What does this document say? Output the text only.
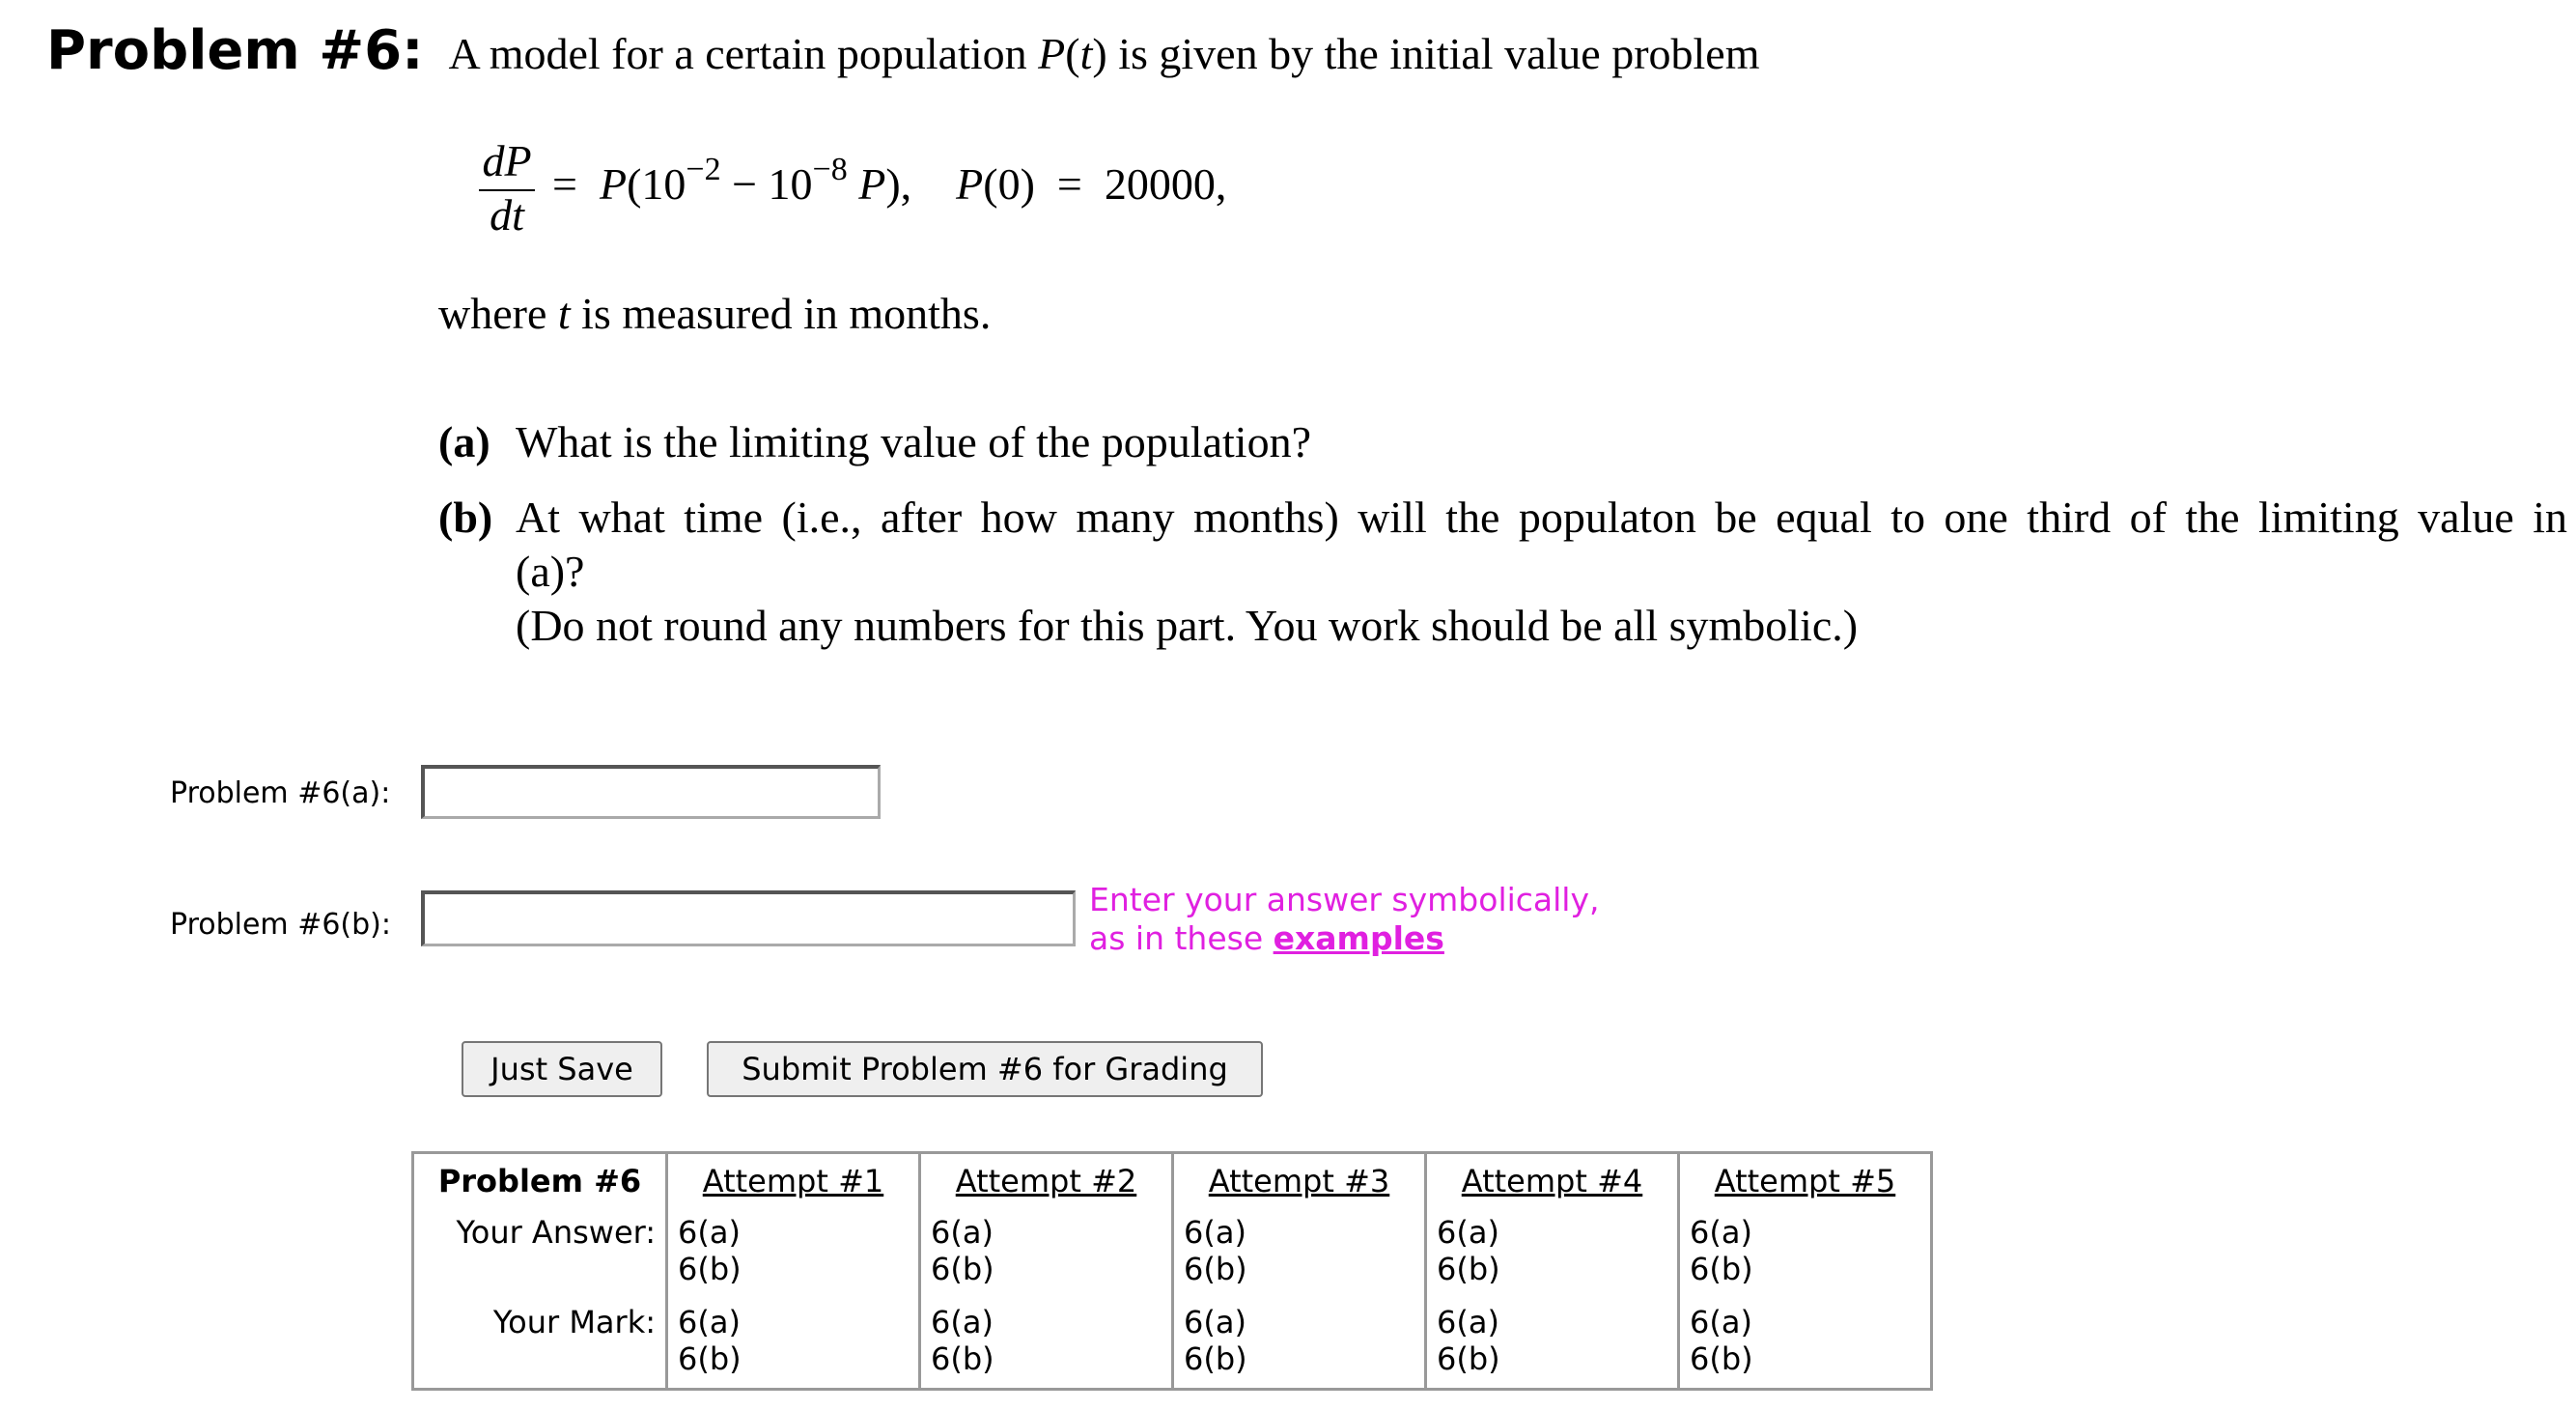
Problem #6: A model for a certain population P(t) is given by the initial value problem
dP
dt
= $P(10^{-2} - 10^{-8}$ P), P(0) = 20000,
where t is measured in months.
(a) What is the limiting value of the population?
(b) At what time (i.e., after how many months) will the populaton be equal to one third of the limiting value in
(a)?
(Do not round any numbers for this part. You work should be all symbolic.)
Problem #6(a):
Problem #6(b):
Enter your answer symbolically,
as in these examples
Just Save	Submit Problem #6 for Grading
Problem #6	Attempt #1	Attempt #2	Attempt #3	Attempt #4	Attempt #5
Your Answer:	6(a)
6(b)	6(a)
6(b)	6(a)
6(b)	6(a)
6(b)	6(a)
6(b)

Your Mark:	6(a)
6(b)	6(a)
6(b)	6(a)
6(b)	6(a)
6(b)	6(a)
6(b)
